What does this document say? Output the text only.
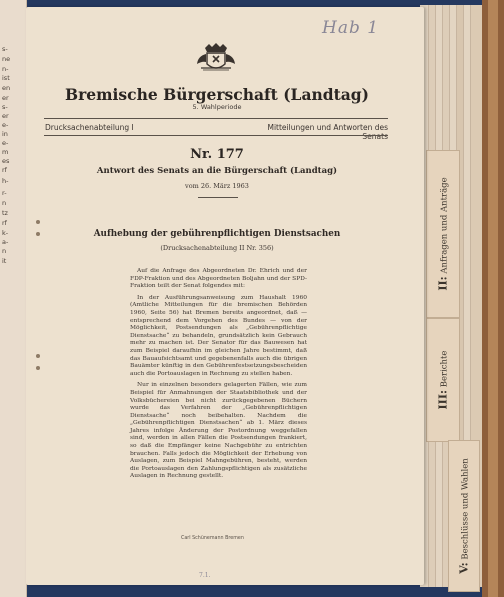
s-
ne
n-
ist
en
er
s-
er
e-
in
e-
m
es
rf
h-
r-
n
tz
rf
k-
a-
n
it
II: Anfragen und Anträge
III: Berichte
V: Beschlüsse und Wahlen
Hab 1
Bremische Bürgerschaft (Landtag)
5. Wahlperiode
Drucksachenabteilung I	Mitteilungen und Antworten des Senats
Nr. 177
Antwort des Senats an die Bürgerschaft (Landtag)
vom 26. März 1963
Aufhebung der gebührenpflichtigen Dienstsachen
(Drucksachenabteilung II Nr. 356)

Auf die Anfrage des Abgeordneten Dr. Ehrich und der FDP-Fraktion und des Abgeordneten Boljahn und der SPD-Fraktion teilt der Senat folgendes mit:

In der Ausführungsanweisung zum Haushalt 1960 (Amtliche Mitteilungen für die bremischen Behörden 1960, Seite 56) hat Bremen bereits angeordnet, daß — entsprechend dem Vorgehen des Bundes — von der Möglichkeit, Postsendungen als „Gebührenpflichtige Dienstsache“ zu behandeln, grundsätzlich kein Gebrauch mehr zu machen ist. Der Senator für das Bauwesen hat zum Beispiel daraufhin im gleichen Jahre bestimmt, daß das Bauaufsichtsamt und gegebenenfalls auch die übrigen Bauämter künftig in den Gebührenfestsetzungsbescheiden auch die Portoauslagen in Rechnung zu stellen haben.

Nur in einzelnen besonders gelagerten Fällen, wie zum Beispiel für Anmahnungen der Staatsbibliothek und der Volksbüchereien bei nicht zurückgegebenen Büchern wurde das Verfahren der „Gebührenpflichtigen Dienstsache“ noch beibehalten. Nachdem die „Gebührenpflichtigen Dienstsachen“ ab 1. März dieses Jahres infolge Änderung der Postordnung weggefallen sind, werden in allen Fällen die Postsendungen frankiert, so daß die Empfänger keine Nachgebühr zu entrichten brauchen. Falls jedoch die Möglichkeit der Erhebung von Auslagen, zum Beispiel Mahngebühren, besteht, werden die Portoauslagen den Zahlungspflichtigen als zusätzliche Auslagen in Rechnung gestellt.

Carl Schünemann Bremen
7.1.
